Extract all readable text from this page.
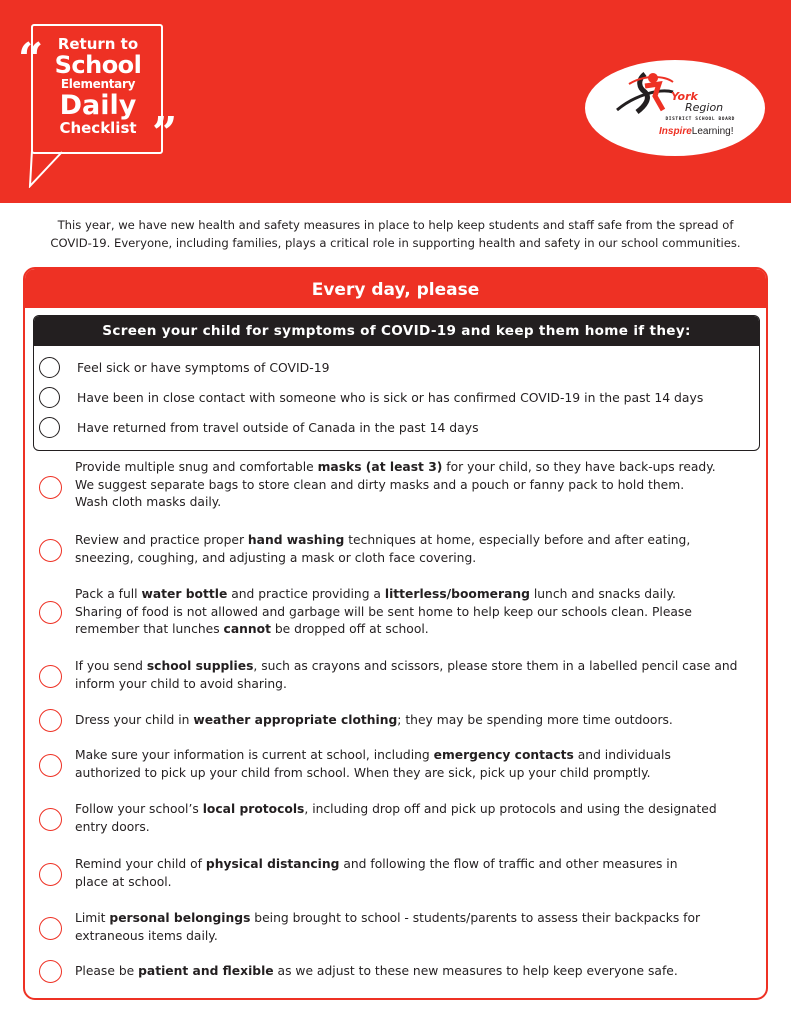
“
”
Return to
School
Elementary
Daily
Checklist
York
Region
DISTRICT SCHOOL BOARD
InspireLearning!

This year, we have new health and safety measures in place to help keep students and staff safe from the spread of

COVID-19. Everyone, including families, plays a critical role in supporting health and safety in our school communities.

Every day, please
Screen your child for symptoms of COVID-19 and keep them home if they:
Feel sick or have symptoms of COVID-19
Have been in close contact with someone who is sick or has confirmed COVID-19 in the past 14 days
Have returned from travel outside of Canada in the past 14 days
Provide multiple snug and comfortable masks (at least 3) for your child, so they have back-ups ready.
We suggest separate bags to store clean and dirty masks and a pouch or fanny pack to hold them.
Wash cloth masks daily.
Review and practice proper hand washing techniques at home, especially before and after eating,
sneezing, coughing, and adjusting a mask or cloth face covering.
Pack a full water bottle and practice providing a litterless/boomerang lunch and snacks daily.
Sharing of food is not allowed and garbage will be sent home to help keep our schools clean. Please
remember that lunches cannot be dropped off at school.
If you send school supplies, such as crayons and scissors, please store them in a labelled pencil case and
inform your child to avoid sharing.
Dress your child in weather appropriate clothing; they may be spending more time outdoors.
Make sure your information is current at school, including emergency contacts and individuals
authorized to pick up your child from school. When they are sick, pick up your child promptly.
Follow your school’s local protocols, including drop off and pick up protocols and using the designated
entry doors.
Remind your child of physical distancing and following the flow of traffic and other measures in
place at school.
Limit personal belongings being brought to school - students/parents to assess their backpacks for
extraneous items daily.
Please be patient and flexible as we adjust to these new measures to help keep everyone safe.
